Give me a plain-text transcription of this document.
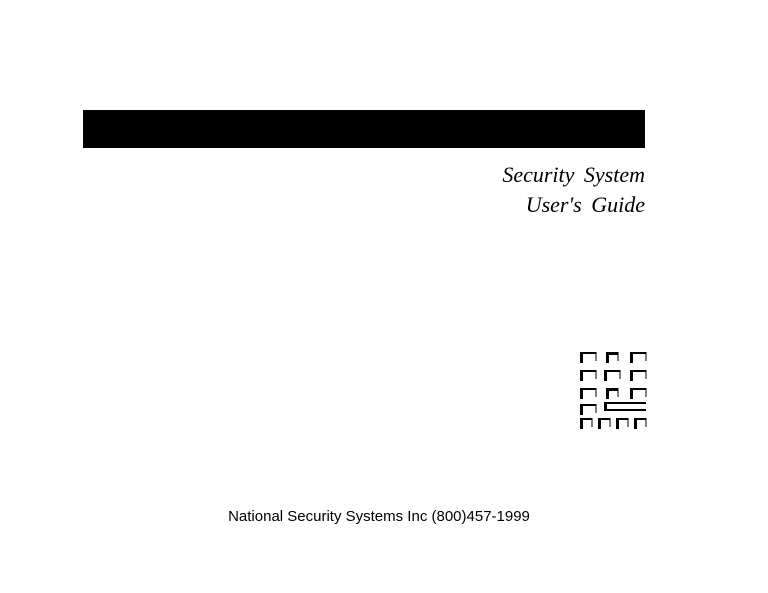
Security System
User's Guide
National Security Systems Inc (800)457-1999
